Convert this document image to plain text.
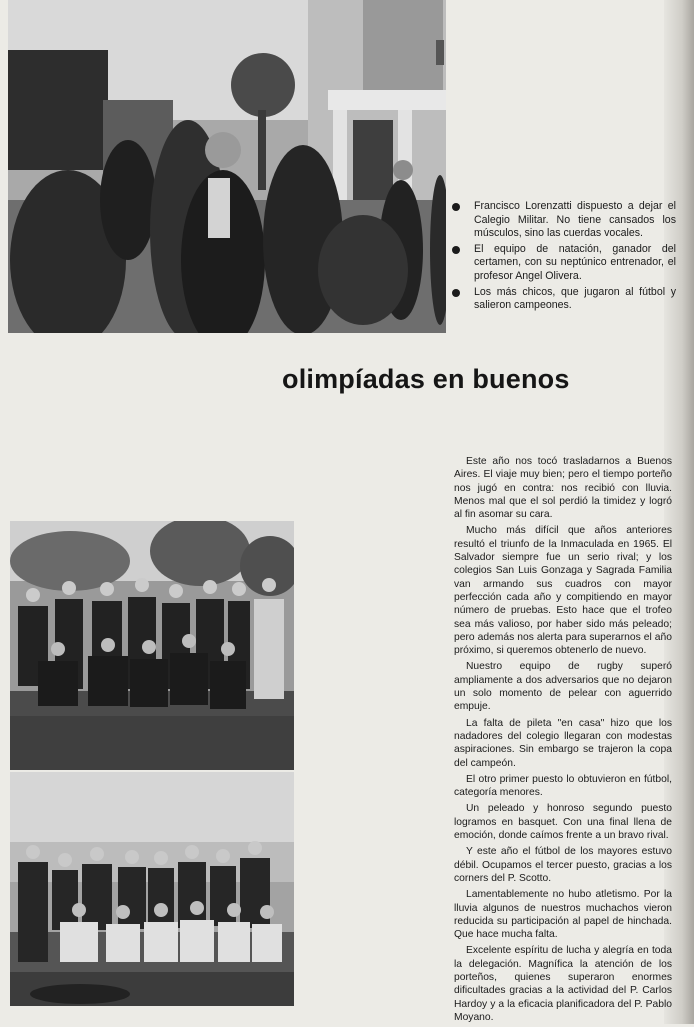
Francisco Lorenzatti dispuesto a dejar el Calegio Militar. No tiene cansados los músculos, sino las cuerdas vocales.
El equipo de natación, ganador del certamen, con su neptúnico entrenador, el profesor Angel Olivera.
Los más chicos, que jugaron al fútbol y salieron campeones.
olimpíadas en buenos

Este año nos tocó trasladarnos a Buenos Aires. El viaje muy bien; pero el tiempo porteño nos jugó en contra: nos recibió con lluvia. Menos mal que el sol perdió la timidez y logró al fin asomar su cara.

Mucho más difícil que años anteriores resultó el triunfo de la Inmaculada en 1965. El Salvador siempre fue un serio rival; y los colegios San Luis Gonzaga y Sagrada Familia van armando sus cuadros con mayor perfección cada año y compitiendo en mayor número de pruebas. Esto hace que el trofeo sea más valioso, por haber sido más peleado; pero además nos alerta para superarnos el año próximo, si queremos obtenerlo de nuevo.

Nuestro equipo de rugby superó ampliamente a dos adversarios que no dejaron un solo momento de pelear con aguerrido empuje.

La falta de pileta "en casa" hizo que los nadadores del colegio llegaran con modestas aspiraciones. Sin embargo se trajeron la copa del campeón.

El otro primer puesto lo obtuvieron en fútbol, categoría menores.

Un peleado y honroso segundo puesto logramos en basquet. Con una final llena de emoción, donde caímos frente a un bravo rival.

Y este año el fútbol de los mayores estuvo débil. Ocupamos el tercer puesto, gracias a los corners del P. Scotto.

Lamentablemente no hubo atletismo. Por la lluvia algunos de nuestros muchachos vieron reducida su participación al papel de hinchada. Que hace mucha falta.

Excelente espíritu de lucha y alegría en toda la delegación. Magnífica la atención de los porteños, quienes superaron enormes dificultades gracias a la actividad del P. Carlos Hardoy y a la eficacia planificadora del P. Pablo Moyano.
